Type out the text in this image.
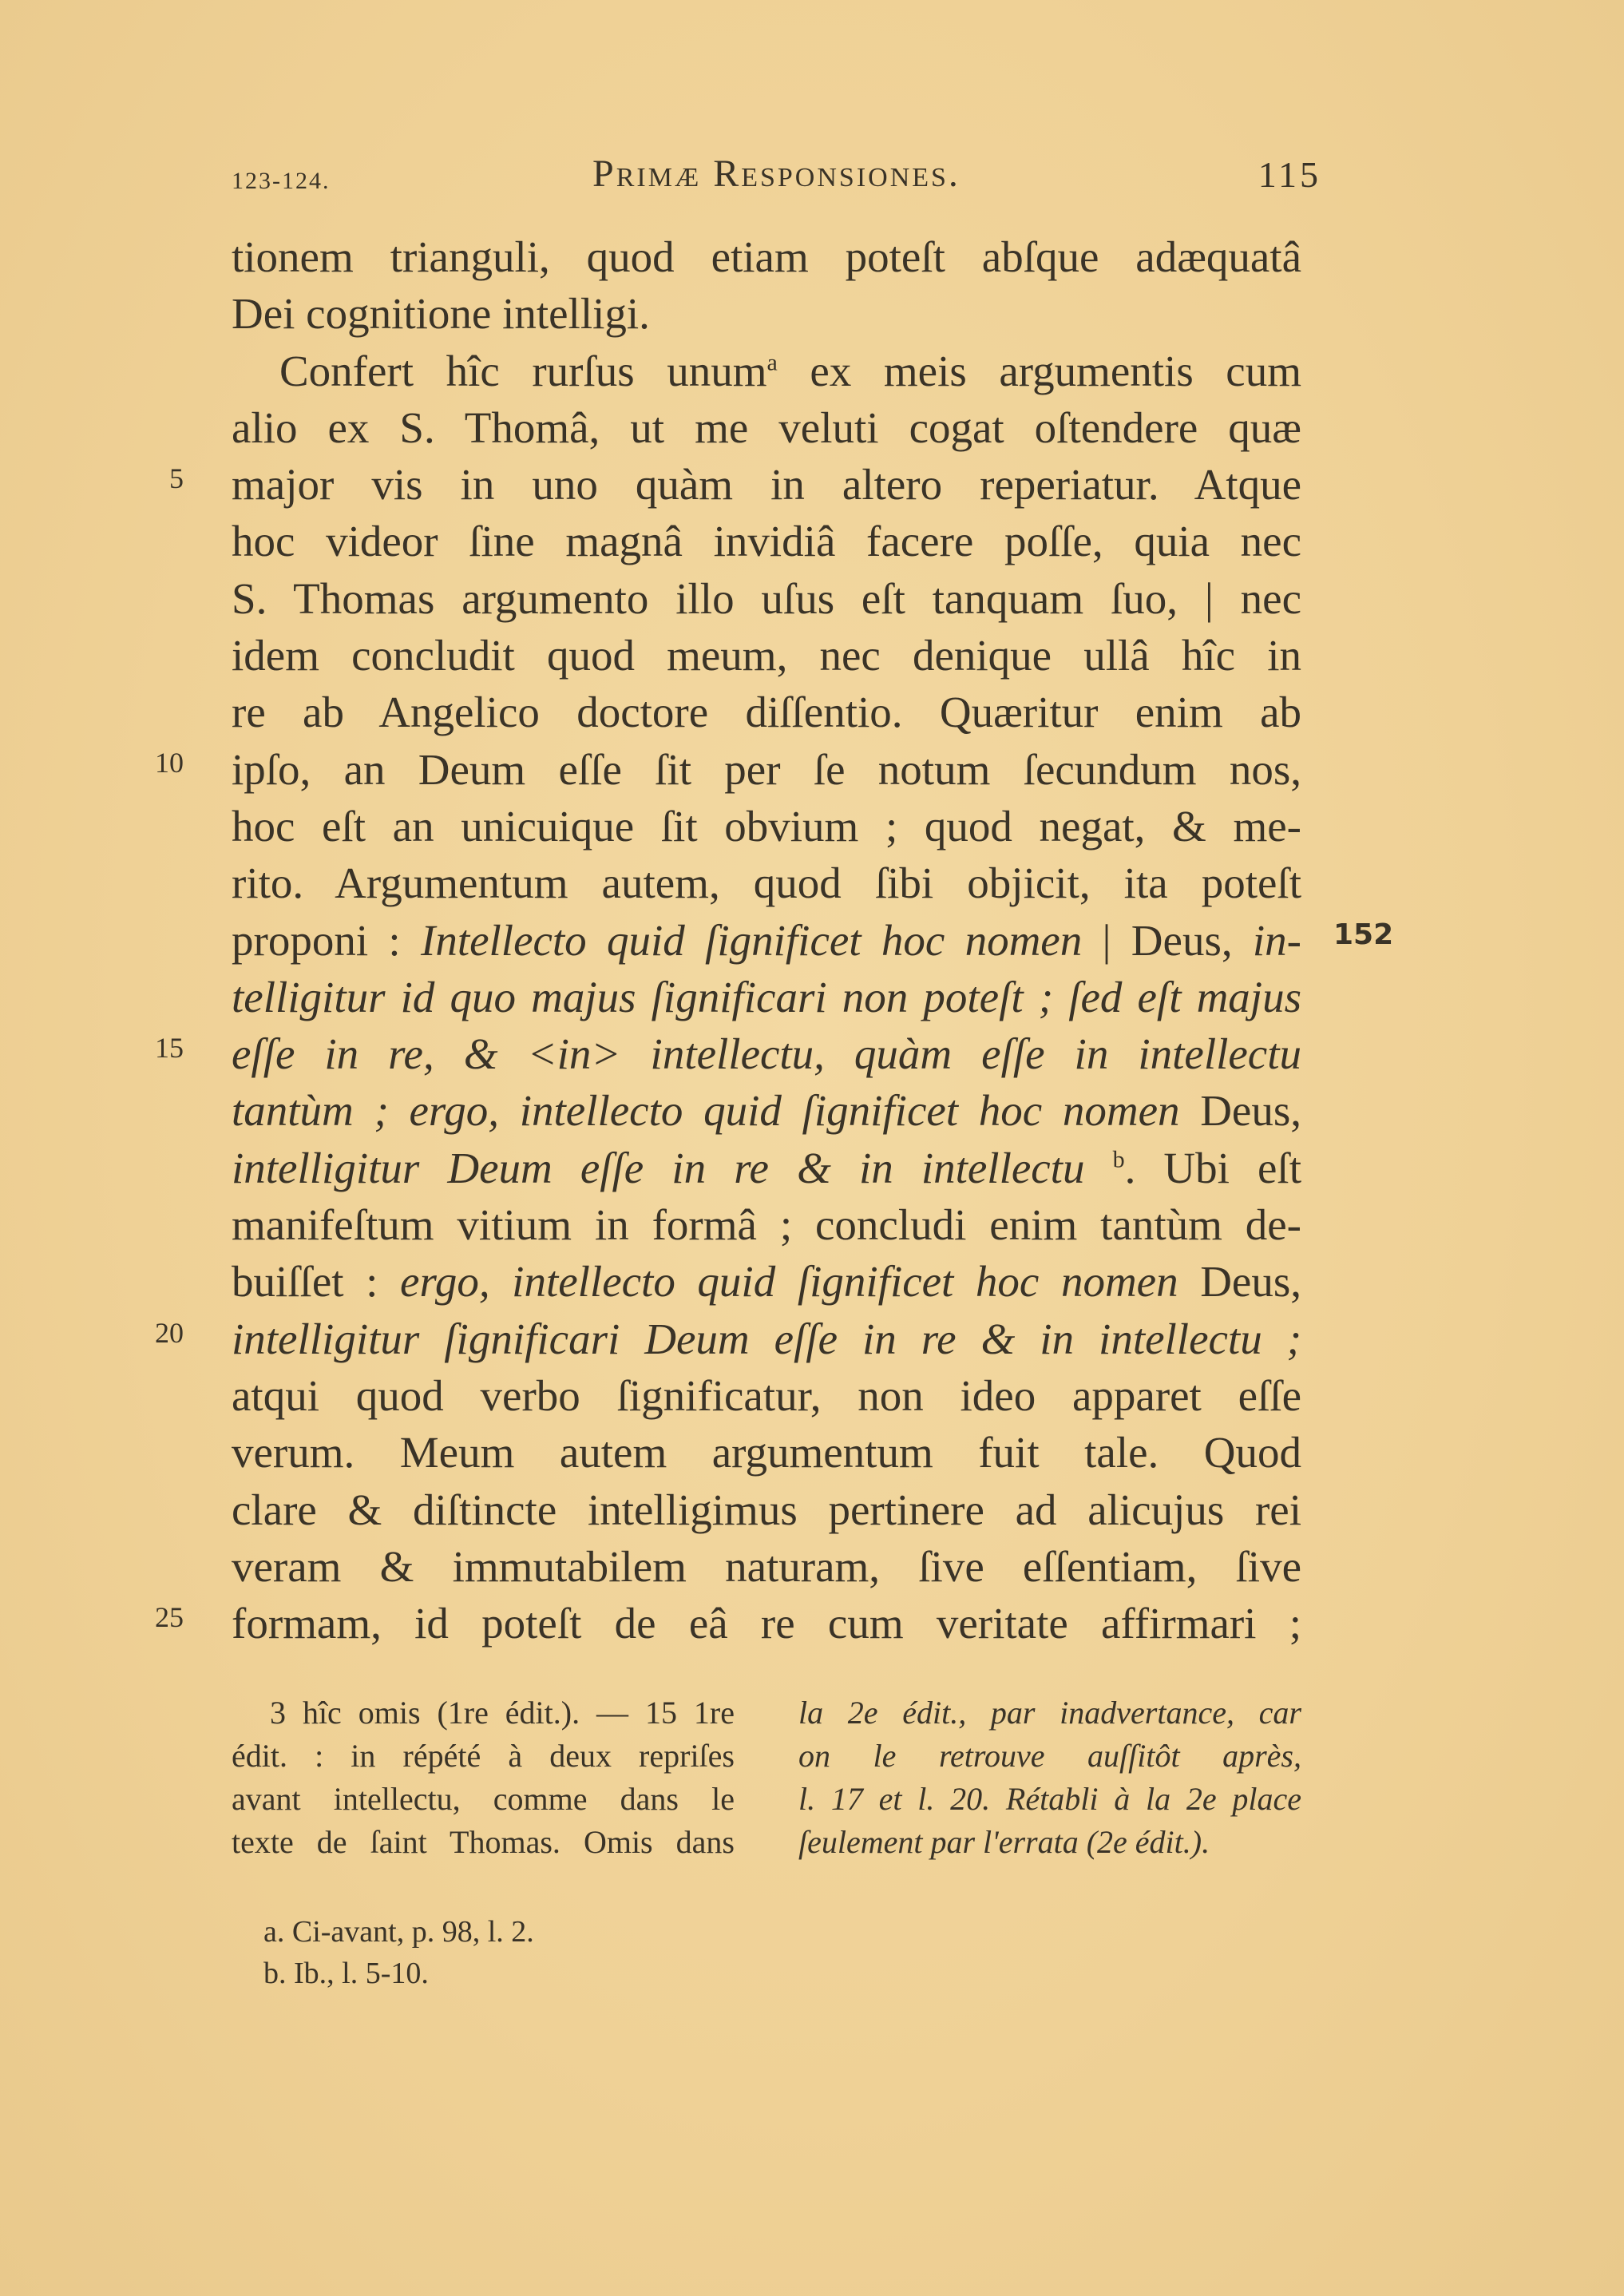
123-124.	Primæ Responsiones.	115
5
10
15
20
25
152
tionem trianguli, quod etiam poteſt abſque adæquatâ
Dei cognitione intelligi.
Confert hîc rurſus unum$^a$ ex meis argumentis cum
alio ex S. Thomâ, ut me veluti cogat oſtendere quæ
major vis in uno quàm in altero reperiatur. Atque
hoc videor ſine magnâ invidiâ facere poſſe, quia nec
S. Thomas argumento illo uſus eſt tanquam ſuo, | nec
idem concludit quod meum, nec denique ullâ hîc in
re ab Angelico doctore diſſentio. Quæritur enim ab
ipſo, an Deum eſſe ſit per ſe notum ſecundum nos,
hoc eſt an unicuique ſit obvium ; quod negat, & me-
rito. Argumentum autem, quod ſibi objicit, ita poteſt
proponi : Intellecto quid ſignificet hoc nomen | Deus, in-
telligitur id quo majus ſignificari non poteſt ; ſed eſt majus
eſſe in re, & <in> intellectu, quàm eſſe in intellectu
tantùm ; ergo, intellecto quid ſignificet hoc nomen Deus,
intelligitur Deum eſſe in re & in intellectu $^b$. Ubi eſt
manifeſtum vitium in formâ ; concludi enim tantùm de-
buiſſet : ergo, intellecto quid ſignificet hoc nomen Deus,
intelligitur ſignificari Deum eſſe in re & in intellectu ;
atqui quod verbo ſignificatur, non ideo apparet eſſe
verum. Meum autem argumentum fuit tale. Quod
clare & diſtincte intelligimus pertinere ad alicujus rei
veram & immutabilem naturam, ſive eſſentiam, ſive
formam, id poteſt de eâ re cum veritate affirmari ;
3 hîc omis (1re édit.). — 15 1re
édit. : in répété à deux repriſes
avant intellectu, comme dans le
texte de ſaint Thomas. Omis dans
la 2e édit., par inadvertance, car
on le retrouve auſſitôt après,
l. 17 et l. 20. Rétabli à la 2e place
ſeulement par l'errata (2e édit.).
a. Ci-avant, p. 98, l. 2.
b. Ib., l. 5-10.
